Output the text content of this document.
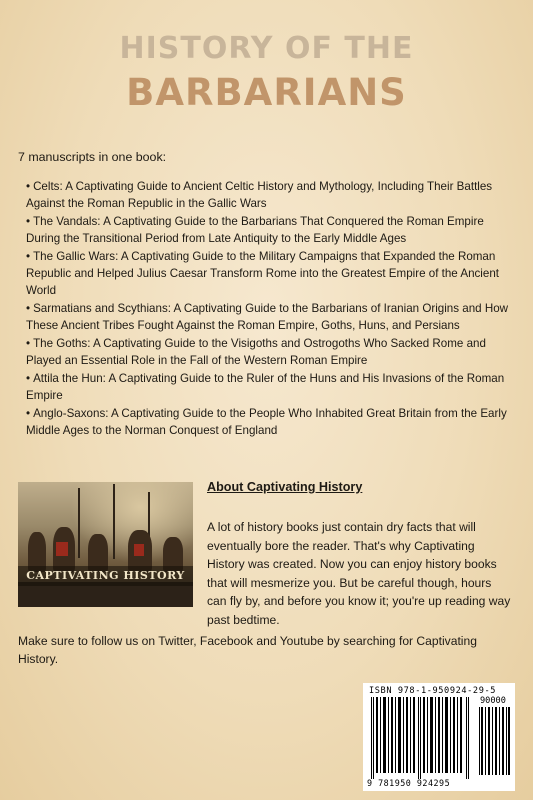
HISTORY OF THE
BARBARIANS
7 manuscripts in one book:
• Celts: A Captivating Guide to Ancient Celtic History and Mythology, Including Their Battles Against the Roman Republic in the Gallic Wars
• The Vandals: A Captivating Guide to the Barbarians That Conquered the Roman Empire During the Transitional Period from Late Antiquity to the Early Middle Ages
• The Gallic Wars: A Captivating Guide to the Military Campaigns that Expanded the Roman Republic and Helped Julius Caesar Transform Rome into the Greatest Empire of the Ancient World
• Sarmatians and Scythians: A Captivating Guide to the Barbarians of Iranian Origins and How These Ancient Tribes Fought Against the Roman Empire, Goths, Huns, and Persians
• The Goths: A Captivating Guide to the Visigoths and Ostrogoths Who Sacked Rome and Played an Essential Role in the Fall of the Western Roman Empire
• Attila the Hun: A Captivating Guide to the Ruler of the Huns and His Invasions of the Roman Empire
• Anglo-Saxons: A Captivating Guide to the People Who Inhabited Great Britain from the Early Middle Ages to the Norman Conquest of England
CAPTIVATING HISTORY
About Captivating History

A lot of history books just contain dry facts that will eventually bore the reader. That's why Captivating History was created. Now you can enjoy history books that will mesmerize you. But be careful though, hours can fly by, and before you know it; you're up reading way past bedtime.

Make sure to follow us on Twitter, Facebook and Youtube by searching for Captivating History.

ISBN 978-1-950924-29-5
90000
9 781950 924295
